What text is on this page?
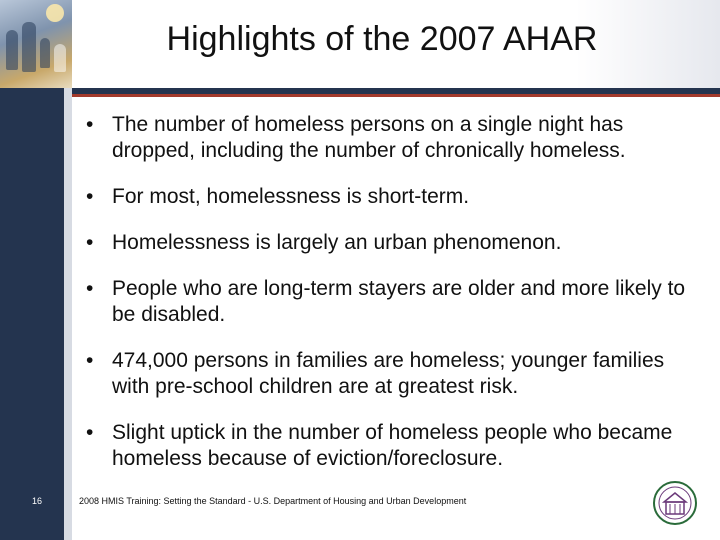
Highlights of the 2007 AHAR
• The number of homeless persons on a single night has dropped, including the number of chronically homeless.
• For most, homelessness is short-term.
• Homelessness is largely an urban phenomenon.
• People who are long-term stayers are older and more likely to be disabled.
• 474,000 persons in families are homeless; younger families with pre-school children are at greatest risk.
• Slight uptick in the number of homeless people who became homeless because of eviction/foreclosure.
16	2008 HMIS Training: Setting the Standard - U.S. Department of Housing and Urban Development
